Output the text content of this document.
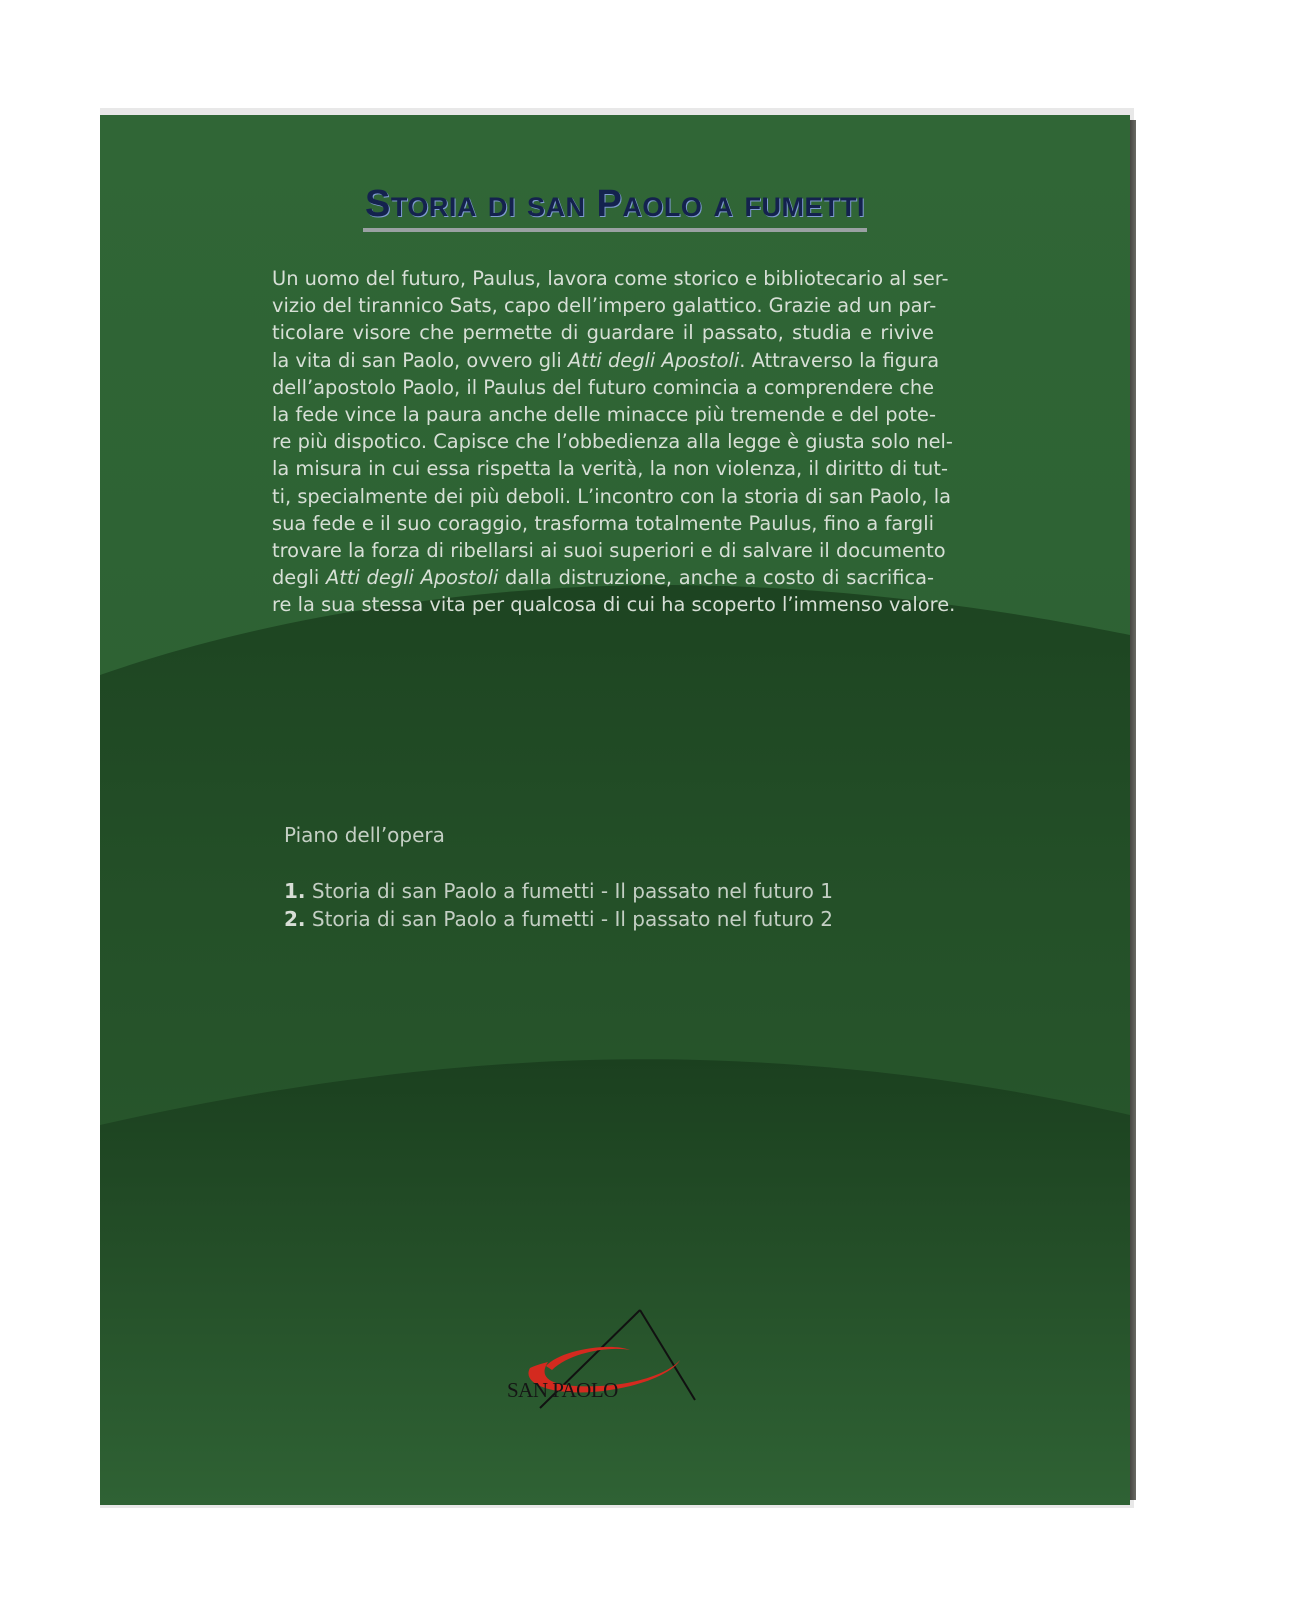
Storia di san Paolo a fumetti
Un uomo del futuro, Paulus, lavora come storico e bibliotecario al ser-
vizio del tirannico Sats, capo dell’impero galattico. Grazie ad un par-
ticolare visore che permette di guardare il passato, studia e rivive
la vita di san Paolo, ovvero gli Atti degli Apostoli. Attraverso la figura
dell’apostolo Paolo, il Paulus del futuro comincia a comprendere che
la fede vince la paura anche delle minacce più tremende e del pote-
re più dispotico. Capisce che l’obbedienza alla legge è giusta solo nel-
la misura in cui essa rispetta la verità, la non violenza, il diritto di tut-
ti, specialmente dei più deboli. L’incontro con la storia di san Paolo, la
sua fede e il suo coraggio, trasforma totalmente Paulus, fino a fargli
trovare la forza di ribellarsi ai suoi superiori e di salvare il documento
degli Atti degli Apostoli dalla distruzione, anche a costo di sacrifica-
re la sua stessa vita per qualcosa di cui ha scoperto l’immenso valore.
Piano dell’opera
1. Storia di san Paolo a fumetti - Il passato nel futuro 1
2. Storia di san Paolo a fumetti - Il passato nel futuro 2
SAN PAOLO
